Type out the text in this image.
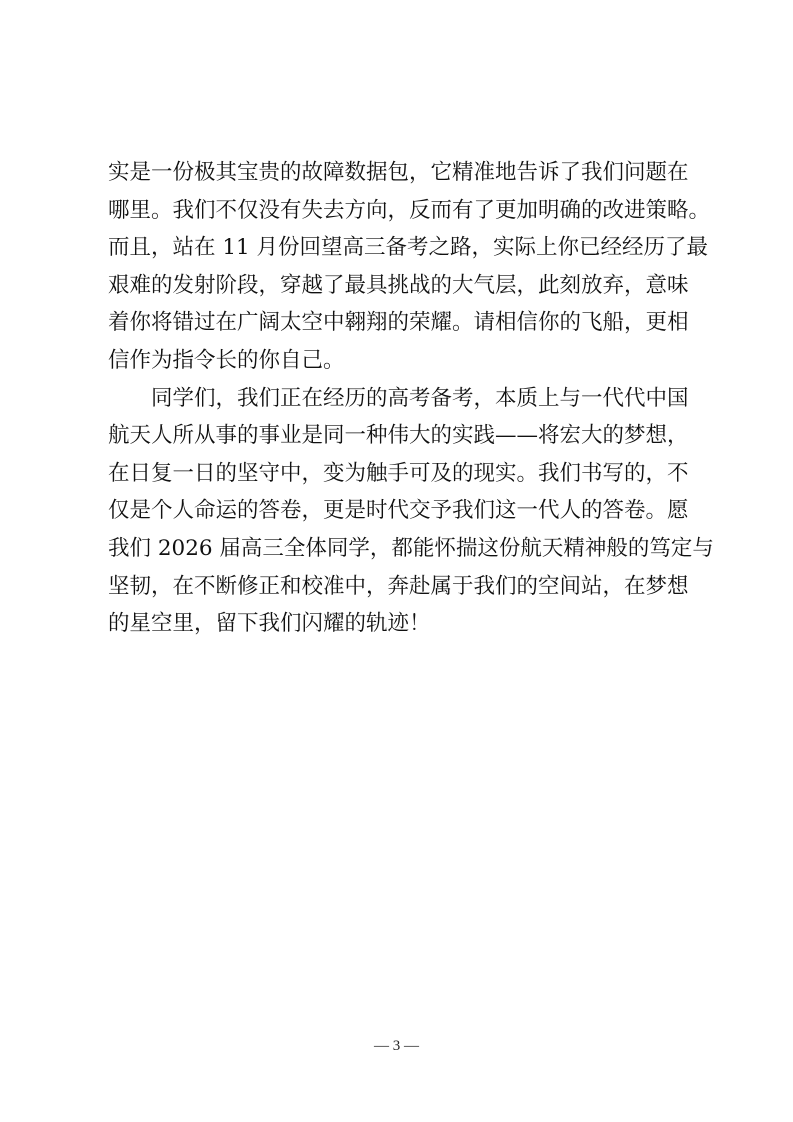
实是一份极其宝贵的故障数据包，它精准地告诉了我们问题在
哪里。我们不仅没有失去方向，反而有了更加明确的改进策略。
而且，站在 11 月份回望高三备考之路，实际上你已经经历了最
艰难的发射阶段，穿越了最具挑战的大气层，此刻放弃，意味
着你将错过在广阔太空中翱翔的荣耀。请相信你的飞船，更相
信作为指令长的你自己。
同学们，我们正在经历的高考备考，本质上与一代代中国
航天人所从事的事业是同一种伟大的实践——将宏大的梦想，
在日复一日的坚守中，变为触手可及的现实。我们书写的，不
仅是个人命运的答卷，更是时代交予我们这一代人的答卷。愿
我们 2026 届高三全体同学，都能怀揣这份航天精神般的笃定与
坚韧，在不断修正和校准中，奔赴属于我们的空间站，在梦想
的星空里，留下我们闪耀的轨迹！
— 3 —
